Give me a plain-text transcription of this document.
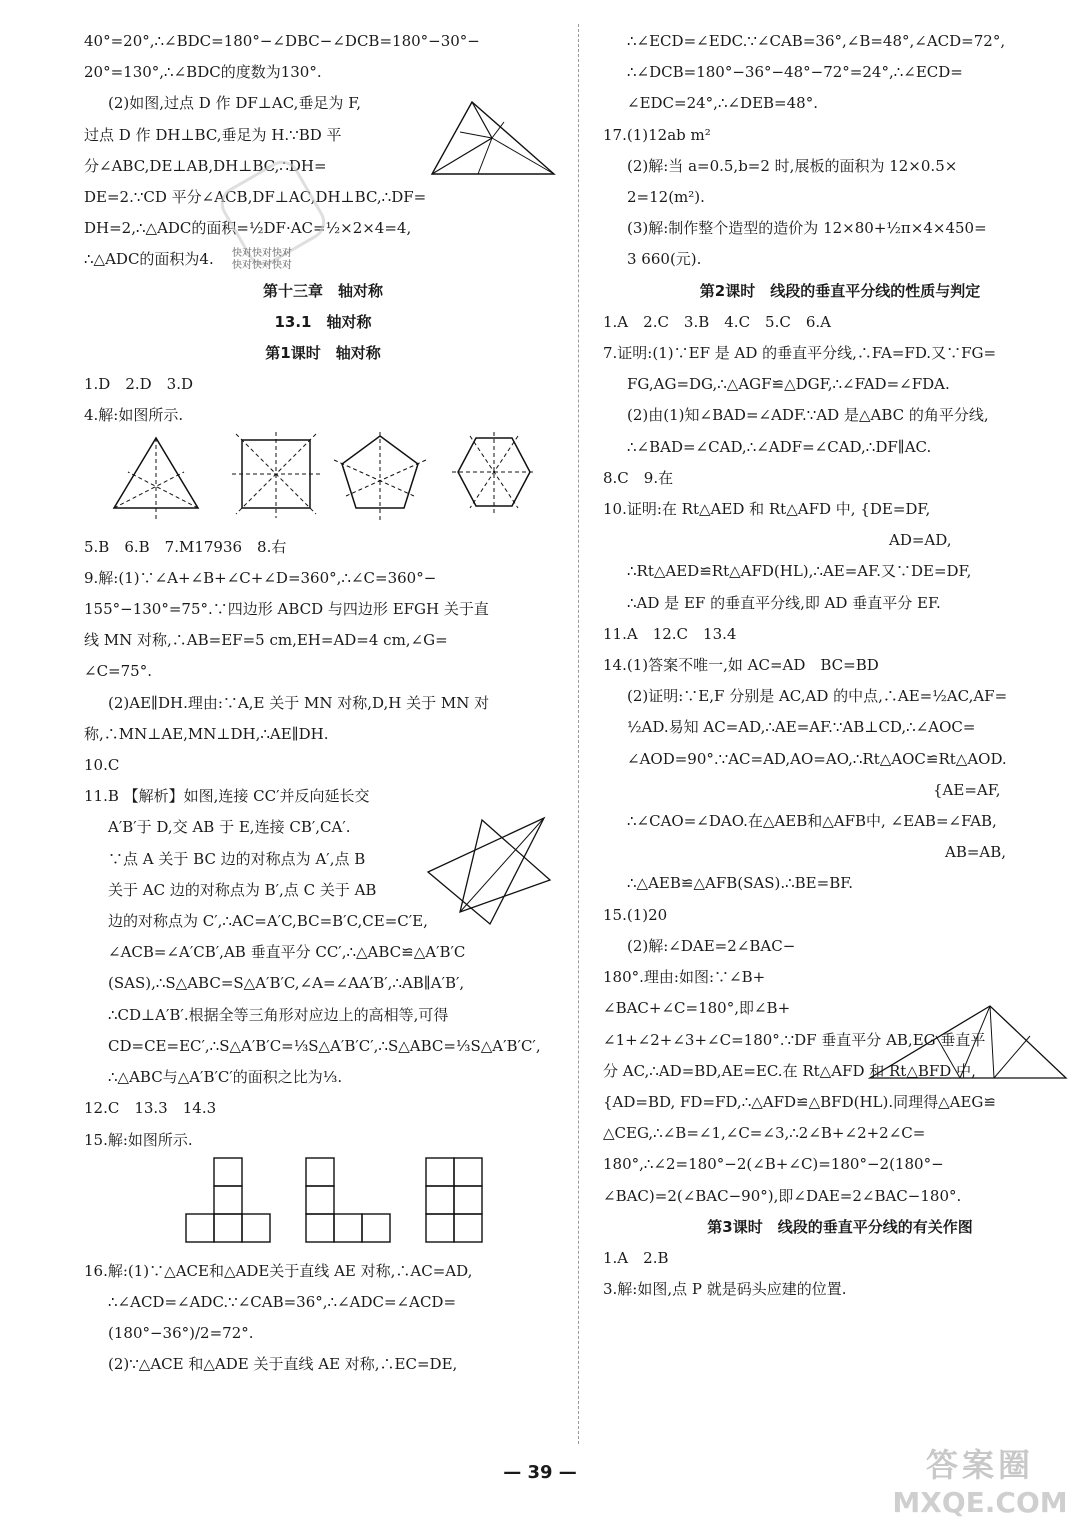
40°=20°,∴∠BDC=180°−∠DBC−∠DCB=180°−30°−
20°=130°,∴∠BDC的度数为130°.
(2)如图,过点 D 作 DF⊥AC,垂足为 F,
过点 D 作 DH⊥BC,垂足为 H.∵BD 平
分∠ABC,DE⊥AB,DH⊥BC,∴DH=
DE=2.∵CD 平分∠ACB,DF⊥AC,DH⊥BC,∴DF=
DH=2,∴△ADC的面积=½DF·AC=½×2×4=4,
∴△ADC的面积为4.
第十三章　轴对称
13.1　轴对称
第1课时　轴对称
1.D　2.D　3.D
4.解:如图所示.
5.B　6.B　7.M17936　8.右
9.解:(1)∵∠A+∠B+∠C+∠D=360°,∴∠C=360°−
155°−130°=75°.∵四边形 ABCD 与四边形 EFGH 关于直
线 MN 对称,∴AB=EF=5 cm,EH=AD=4 cm,∠G=
∠C=75°.
(2)AE∥DH.理由:∵A,E 关于 MN 对称,D,H 关于 MN 对
称,∴MN⊥AE,MN⊥DH,∴AE∥DH.
10.C
11.B 【解析】如图,连接 CC′并反向延长交
A′B′于 D,交 AB 于 E,连接 CB′,CA′.
∵点 A 关于 BC 边的对称点为 A′,点 B
关于 AC 边的对称点为 B′,点 C 关于 AB
边的对称点为 C′,∴AC=A′C,BC=B′C,CE=C′E,
∠ACB=∠A′CB′,AB 垂直平分 CC′,∴△ABC≌△A′B′C
(SAS),∴S△ABC=S△A′B′C,∠A=∠AA′B′,∴AB∥A′B′,
∴CD⊥A′B′.根据全等三角形对应边上的高相等,可得
CD=CE=EC′,∴S△A′B′C=⅓S△A′B′C′,∴S△ABC=⅓S△A′B′C′,
∴△ABC与△A′B′C′的面积之比为⅓.
12.C　13.3　14.3
15.解:如图所示.
16.解:(1)∵△ACE和△ADE关于直线 AE 对称,∴AC=AD,
∴∠ACD=∠ADC.∵∠CAB=36°,∴∠ADC=∠ACD=
(180°−36°)/2=72°.
(2)∵△ACE 和△ADE 关于直线 AE 对称,∴EC=DE,
∴∠ECD=∠EDC.∵∠CAB=36°,∠B=48°,∠ACD=72°,
∴∠DCB=180°−36°−48°−72°=24°,∴∠ECD=
∠EDC=24°,∴∠DEB=48°.
17.(1)12ab m²
(2)解:当 a=0.5,b=2 时,展板的面积为 12×0.5×
2=12(m²).
(3)解:制作整个造型的造价为 12×80+½π×4×450=
3 660(元).
第2课时　线段的垂直平分线的性质与判定
1.A　2.C　3.B　4.C　5.C　6.A
7.证明:(1)∵EF 是 AD 的垂直平分线,∴FA=FD.又∵FG=
FG,AG=DG,∴△AGF≌△DGF,∴∠FAD=∠FDA.
(2)由(1)知∠BAD=∠ADF.∵AD 是△ABC 的角平分线,
∴∠BAD=∠CAD,∴∠ADF=∠CAD,∴DF∥AC.
8.C　9.在
10.证明:在 Rt△AED 和 Rt△AFD 中, {DE=DF,
AD=AD,
∴Rt△AED≌Rt△AFD(HL),∴AE=AF.又∵DE=DF,
∴AD 是 EF 的垂直平分线,即 AD 垂直平分 EF.
11.A　12.C　13.4
14.(1)答案不唯一,如 AC=AD　BC=BD
(2)证明:∵E,F 分别是 AC,AD 的中点,∴AE=½AC,AF=
½AD.易知 AC=AD,∴AE=AF.∵AB⊥CD,∴∠AOC=
∠AOD=90°.∵AC=AD,AO=AO,∴Rt△AOC≌Rt△AOD.
{AE=AF,
∴∠CAO=∠DAO.在△AEB和△AFB中, ∠EAB=∠FAB,
AB=AB,
∴△AEB≌△AFB(SAS).∴BE=BF.
15.(1)20
(2)解:∠DAE=2∠BAC−
180°.理由:如图:∵∠B+
∠BAC+∠C=180°,即∠B+
∠1+∠2+∠3+∠C=180°.∵DF 垂直平分 AB,EG 垂直平
分 AC,∴AD=BD,AE=EC.在 Rt△AFD 和 Rt△BFD 中,
{AD=BD, FD=FD,∴△AFD≌△BFD(HL).同理得△AEG≌
△CEG,∴∠B=∠1,∠C=∠3,∴2∠B+∠2+2∠C=
180°,∴∠2=180°−2(∠B+∠C)=180°−2(180°−
∠BAC)=2(∠BAC−90°),即∠DAE=2∠BAC−180°.
第3课时　线段的垂直平分线的有关作图
1.A　2.B
3.解:如图,点 P 就是码头应建的位置.
快对快对快对
快对快对快对
— 39 —	答案圈
MXQE.COM
